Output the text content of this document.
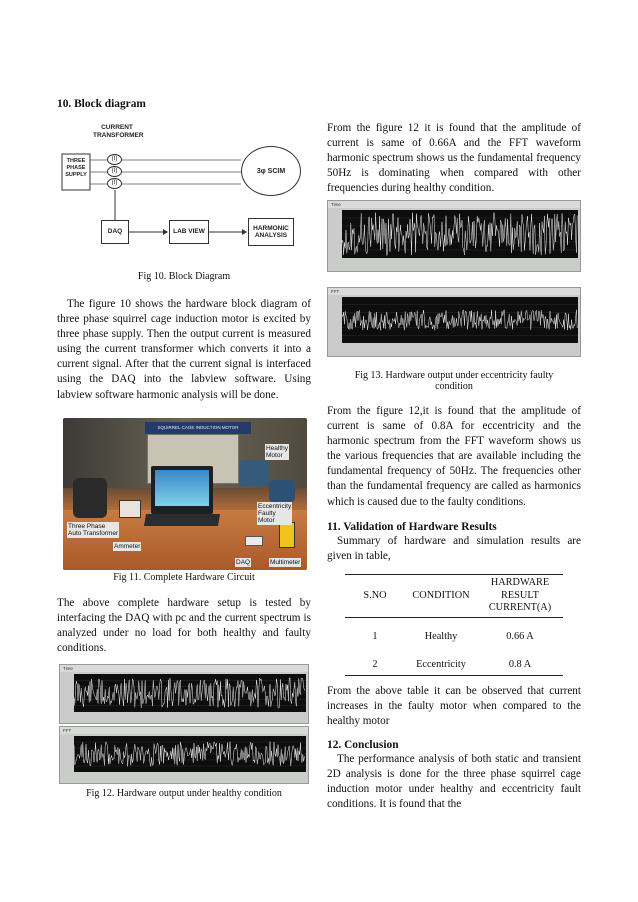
10. Block diagram
CURRENT
TRANSFORMER
THREE
PHASE
SUPPLY
(I)
(I)
(I)
3φ SCIM
DAQ	LAB VIEW
HARMONIC
ANALYSIS
Fig 10. Block Diagram
The figure 10 shows the hardware block diagram of three phase squirrel cage induction motor is excited by three phase supply. Then the output current is measured using the current transformer which converts it into a current signal. After that the current signal is interfaced using the DAQ into the labview software. Using labview software harmonic analysis will be done.
SQUIRREL CAGE INDUCTION MOTOR
Healthy
Motor
Three Phase
Auto Transformer
Ammeter
Eccentricity
Faulty
Motor
DAQ	Multimeter
Fig 11. Complete Hardware Circuit
The above complete hardware setup is tested by interfacing the DAQ with pc and the current spectrum is analyzed under no load for both healthy and faulty conditions.
Time
FFT
Fig 12. Hardware output under healthy condition
From the figure 12 it is found that the amplitude of current is same of 0.66A and the FFT waveform harmonic spectrum shows us the fundamental frequency 50Hz is dominating when compared with other frequencies during healthy condition.
Time
FFT
Fig 13. Hardware output under eccentricity faulty
condition
From the figure 12,it is found that the amplitude of current is same of 0.8A for eccentricity and the harmonic spectrum from the FFT waveform shows us the various frequencies that are available including the fundamental frequency of 50Hz. The frequencies other than the fundamental frequency are called as harmonics which is caused due to the faulty conditions.
11. Validation of Hardware Results
Summary of hardware and simulation results are given in table,
S.NO	CONDITION	HARDWARE
RESULT
CURRENT(A)

1	Healthy	0.66 A
2	Eccentricity	0.8 A
From the above table it can be observed that current increases in the faulty motor when compared to the healthy motor
12. Conclusion
The performance analysis of both static and transient 2D analysis is done for the three phase squirrel cage induction motor under healthy and eccentricity fault conditions. It is found that the
